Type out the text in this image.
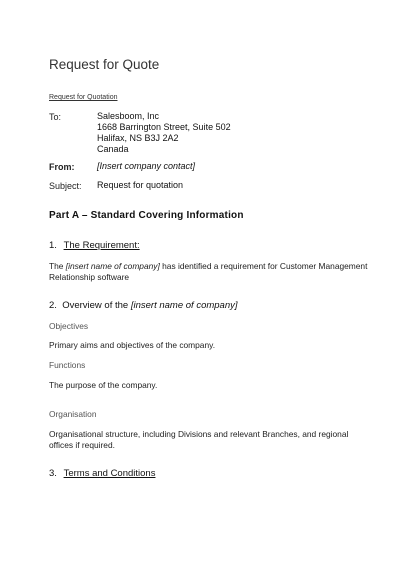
Request for Quote
Request for Quotation
To:	Salesboom, Inc
1668 Barrington Street, Suite 502
Halifax, NS B3J 2A2
Canada
From:	[Insert company contact]
Subject: Request for quotation
Part A – Standard Covering Information
1. The Requirement:
The [insert name of company] has identified a requirement for Customer Management Relationship software
2.  Overview of the [insert name of company]
Objectives
Primary aims and objectives of the company.
Functions
The purpose of the company.
Organisation
Organisational structure, including Divisions and relevant Branches, and regional offices if required.
3. Terms and Conditions
